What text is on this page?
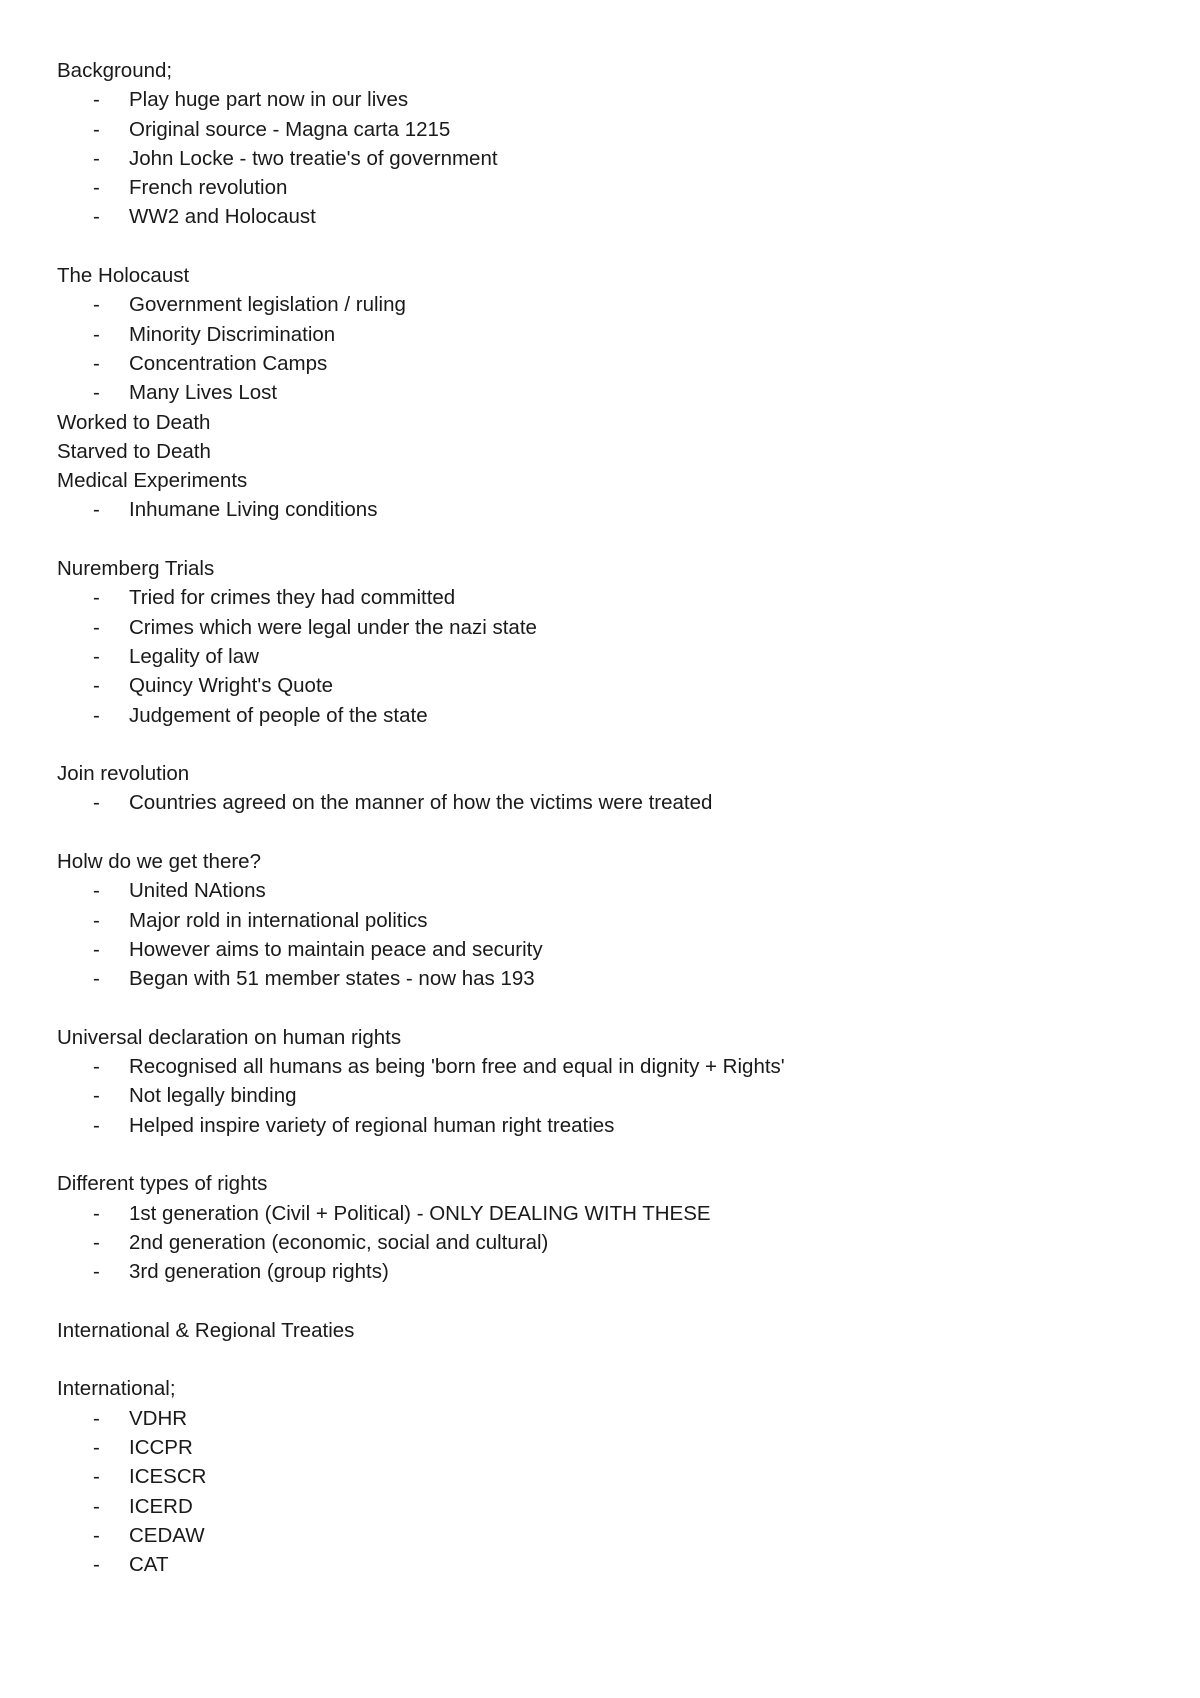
Background;
- Play huge part now in our lives
- Original source - Magna carta 1215
- John Locke - two treatie's of government
- French revolution
- WW2 and Holocaust
The Holocaust
- Government legislation / ruling
- Minority Discrimination
- Concentration Camps
- Many Lives Lost
Worked to Death
Starved to Death
Medical Experiments
- Inhumane Living conditions
Nuremberg Trials
- Tried for crimes they had committed
- Crimes which were legal under the nazi state
- Legality of law
- Quincy Wright's Quote
- Judgement of people of the state
Join revolution
- Countries agreed on the manner of how the victims were treated
Holw do we get there?
- United NAtions
- Major rold in international politics
- However aims to maintain peace and security
- Began with 51 member states - now has 193
Universal declaration on human rights
- Recognised all humans as being 'born free and equal in dignity + Rights'
- Not legally binding
- Helped inspire variety of regional human right treaties
Different types of rights
- 1st generation (Civil + Political) - ONLY DEALING WITH THESE
- 2nd generation (economic, social and cultural)
- 3rd generation (group rights)
International & Regional Treaties
International;
- VDHR
- ICCPR
- ICESCR
- ICERD
- CEDAW
- CAT
